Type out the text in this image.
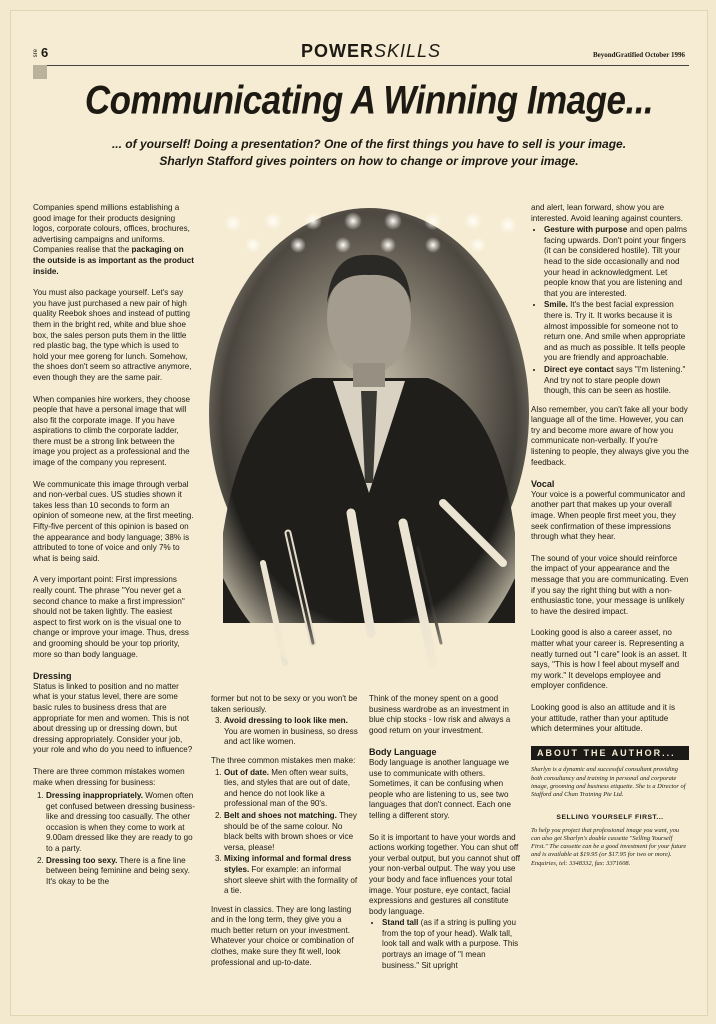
sre 6	POWERSKILLS	BeyondGratified October 1996
Communicating A Winning Image...
... of yourself! Doing a presentation? One of the first things you have to sell is your image.
Sharlyn Stafford gives pointers on how to change or improve your image.

Companies spend millions establishing a good image for their products designing logos, corporate colours, offices, brochures, advertising campaigns and uniforms. Companies realise that the packaging on the outside is as important as the product inside.

You must also package yourself. Let's say you have just purchased a new pair of high quality Reebok shoes and instead of putting them in the bright red, white and blue shoe box, the sales person puts them in the little red plastic bag, the type which is used to hold your mee goreng for lunch. Somehow, the shoes don't seem so attractive anymore, even though they are the same pair.

When companies hire workers, they choose people that have a personal image that will also fit the corporate image. If you have aspirations to climb the corporate ladder, there must be a strong link between the image you project as a professional and the image of the company you represent.

We communicate this image through verbal and non-verbal cues. US studies shown it takes less than 10 seconds to form an opinion of someone new, at the first meeting. Fifty-five percent of this opinion is based on the appearance and body language; 38% is attributed to tone of voice and only 7% to what is being said.

A very important point: First impressions really count. The phrase "You never get a second chance to make a first impression" should not be taken lightly. The easiest aspect to first work on is the visual one to change or improve your image. Thus, dress and grooming should be your top priority, more so than body language.

Dressing

Status is linked to position and no matter what is your status level, there are some basic rules to business dress that are appropriate for men and women. This is not about dressing up or dressing down, but dressing appropriately. Consider your job, your role and who do you need to influence?

There are three common mistakes women make when dressing for business:

1. Dressing inappropriately. Women often get confused between dressing business-like and dressing too casually. The other occasion is when they come to work at 9.00am dressed like they are ready to go to a party.
2. Dressing too sexy. There is a fine line between being feminine and being sexy. It's okay to be the

former but not to be sexy or you won't be taken seriously.

3. Avoid dressing to look like men. You are women in business, so dress and act like women.

The three common mistakes men make:

1. Out of date. Men often wear suits, ties, and styles that are out of date, and hence do not look like a professional man of the 90's.
2. Belt and shoes not matching. They should be of the same colour. No black belts with brown shoes or vice versa, please!
3. Mixing informal and formal dress styles. For example: an informal short sleeve shirt with the formality of a tie.

Invest in classics. They are long lasting and in the long term, they give you a much better return on your investment. Whatever your choice or combination of clothes, make sure they fit well, look professional and up-to-date.

Think of the money spent on a good business wardrobe as an investment in blue chip stocks - low risk and always a good return on your investment.

Body Language

Body language is another language we use to communicate with others. Sometimes, it can be confusing when people who are listening to us, see two languages that don't connect. Each one telling a different story.

So it is important to have your words and actions working together. You can shut off your verbal output, but you cannot shut off your non-verbal output. The way you use your body and face influences your total image. Your posture, eye contact, facial expressions and gestures all constitute body language.

• Stand tall (as if a string is pulling you from the top of your head). Walk tall, look tall and walk with a purpose. This portrays an image of "I mean business." Sit upright

and alert, lean forward, show you are interested. Avoid leaning against counters.

• Gesture with purpose and open palms facing upwards. Don't point your fingers (it can be considered hostile). Tilt your head to the side occasionally and nod your head in acknowledgment. Let people know that you are listening and that you are interested.
• Smile. It's the best facial expression there is. Try it. It works because it is almost impossible for someone not to return one. And smile when appropriate and as much as possible. It tells people you are friendly and approachable.
• Direct eye contact says "I'm listening." And try not to stare people down though, this can be seen as hostile.

Also remember, you can't fake all your body language all of the time. However, you can try and become more aware of how you communicate non-verbally. If you're listening to people, they always give you the feedback.

Vocal

Your voice is a powerful communicator and another part that makes up your overall image. When people first meet you, they seek confirmation of these impressions through what they hear.

The sound of your voice should reinforce the impact of your appearance and the message that you are communicating. Even if you say the right thing but with a non-enthusiastic tone, your message is unlikely to have the desired impact.

Looking good is also a career asset, no matter what your career is. Representing a neatly turned out "I care" look is an asset. It says, "This is how I feel about myself and my work." It develops employee and employer confidence.

Looking good is also an attitude and it is your attitude, rather than your aptitude which determines your altitude.

ABOUT THE AUTHOR...
Sharlyn is a dynamic and successful consultant providing both consultancy and training in personal and corporate image, grooming and business etiquette. She is a Director of Stafford and Chan Training Pte Ltd.
SELLING YOURSELF FIRST...
To help you project that professional image you want, you can also get Sharlyn's double cassette "Selling Yourself First." The cassette can be a good investment for your future and is available at $19.95 (or $17.95 for two or more). Enquiries, tel: 3348332, fax: 3371608.
